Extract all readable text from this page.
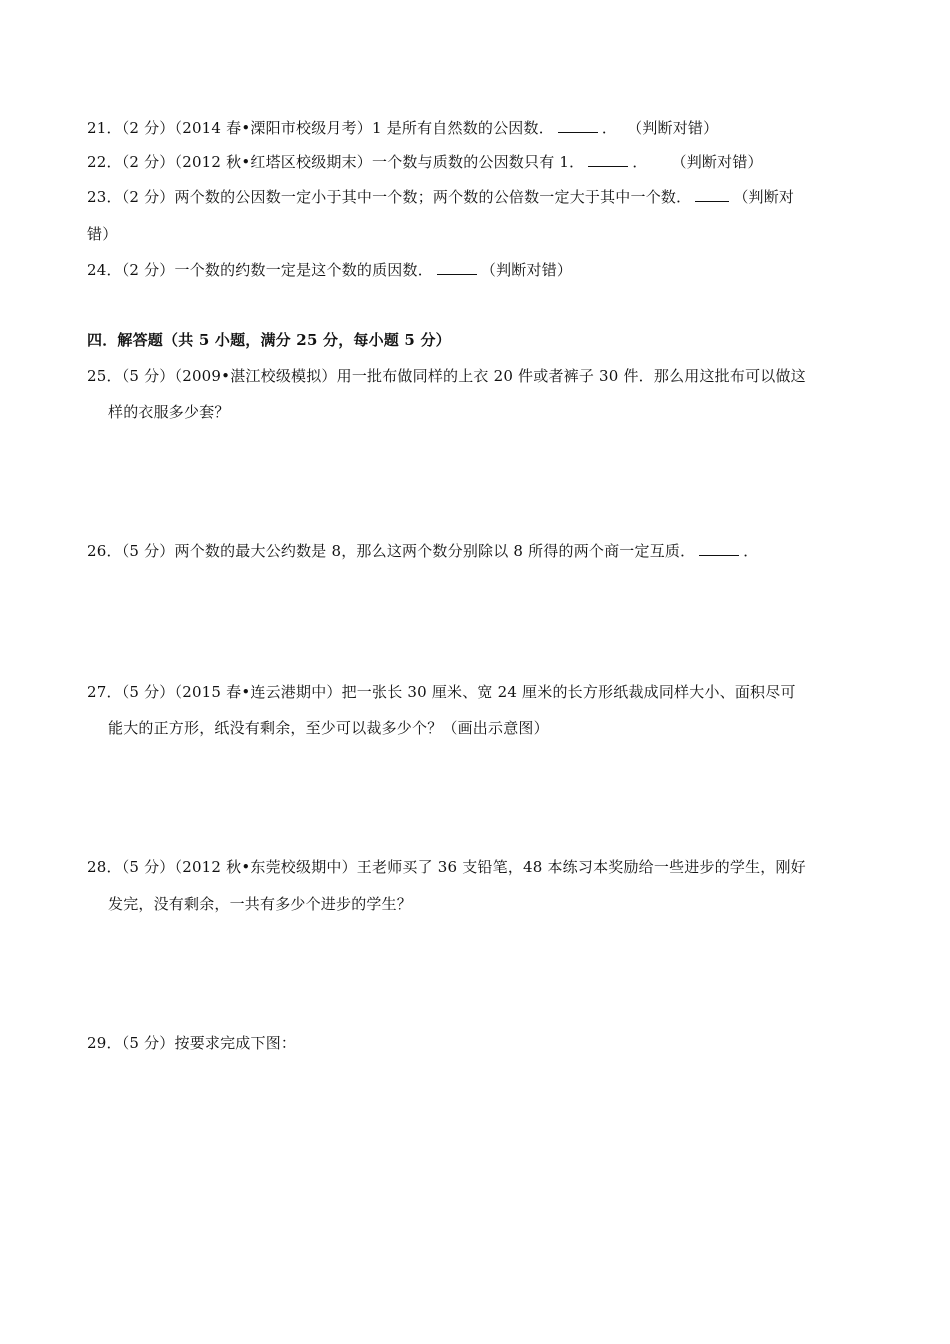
21．（2 分）（2014 春•溧阳市校级月考）1 是所有自然数的公因数．	． （判断对错）
22．（2 分）（2012 秋•红塔区校级期末）一个数与质数的公因数只有 1．	． （判断对错）
23．（2 分）两个数的公因数一定小于其中一个数；两个数的公倍数一定大于其中一个数．	（判断对
错）
24．（2 分）一个数的约数一定是这个数的质因数．	（判断对错）
四．解答题（共 5 小题，满分 25 分，每小题 5 分）
25．（5 分）（2009•湛江校级模拟）用一批布做同样的上衣 20 件或者裤子 30 件．那么用这批布可以做这
样的衣服多少套？
26．（5 分）两个数的最大公约数是 8，那么这两个数分别除以 8 所得的两个商一定互质．	．
27．（5 分）（2015 春•连云港期中）把一张长 30 厘米、宽 24 厘米的长方形纸裁成同样大小、面积尽可
能大的正方形，纸没有剩余，至少可以裁多少个？（画出示意图）
28．（5 分）（2012 秋•东莞校级期中）王老师买了 36 支铅笔，48 本练习本奖励给一些进步的学生，刚好
发完，没有剩余，一共有多少个进步的学生？
29．（5 分）按要求完成下图：
